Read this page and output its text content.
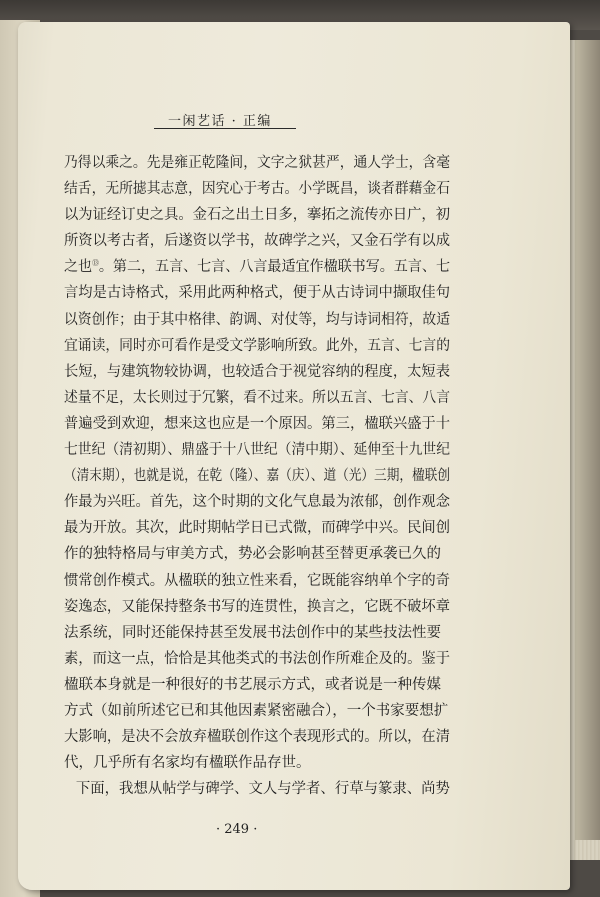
一闲艺话 · 正编
乃得以乘之。先是雍正乾隆间，文字之狱甚严，通人学士，含毫
结舌，无所摅其志意，因究心于考古。小学既昌，谈者群藉金石
以为证经订史之具。金石之出土日多，搴拓之流传亦日广，初
所资以考古者，后遂资以学书，故碑学之兴，又金石学有以成
之也⑬。第二，五言、七言、八言最适宜作楹联书写。五言、七
言均是古诗格式，采用此两种格式，便于从古诗词中撷取佳句
以资创作；由于其中格律、韵调、对仗等，均与诗词相符，故适
宜诵读，同时亦可看作是受文学影响所致。此外，五言、七言的
长短，与建筑物较协调，也较适合于视觉容纳的程度，太短表
述量不足，太长则过于冗繁，看不过来。所以五言、七言、八言
普遍受到欢迎，想来这也应是一个原因。第三，楹联兴盛于十
七世纪（清初期）、鼎盛于十八世纪（清中期）、延伸至十九世纪
（清末期），也就是说，在乾（隆）、嘉（庆）、道（光）三期，楹联创
作最为兴旺。首先，这个时期的文化气息最为浓郁，创作观念
最为开放。其次，此时期帖学日已式微，而碑学中兴。民间创
作的独特格局与审美方式，势必会影响甚至替更承袭已久的
惯常创作模式。从楹联的独立性来看，它既能容纳单个字的奇
姿逸态，又能保持整条书写的连贯性，换言之，它既不破坏章
法系统，同时还能保持甚至发展书法创作中的某些技法性要
素，而这一点，恰恰是其他类式的书法创作所难企及的。鉴于
楹联本身就是一种很好的书艺展示方式，或者说是一种传媒
方式（如前所述它已和其他因素紧密融合），一个书家要想扩
大影响，是决不会放弃楹联创作这个表现形式的。所以，在清
代，几乎所有名家均有楹联作品存世。
下面，我想从帖学与碑学、文人与学者、行草与篆隶、尚势
· 249 ·
